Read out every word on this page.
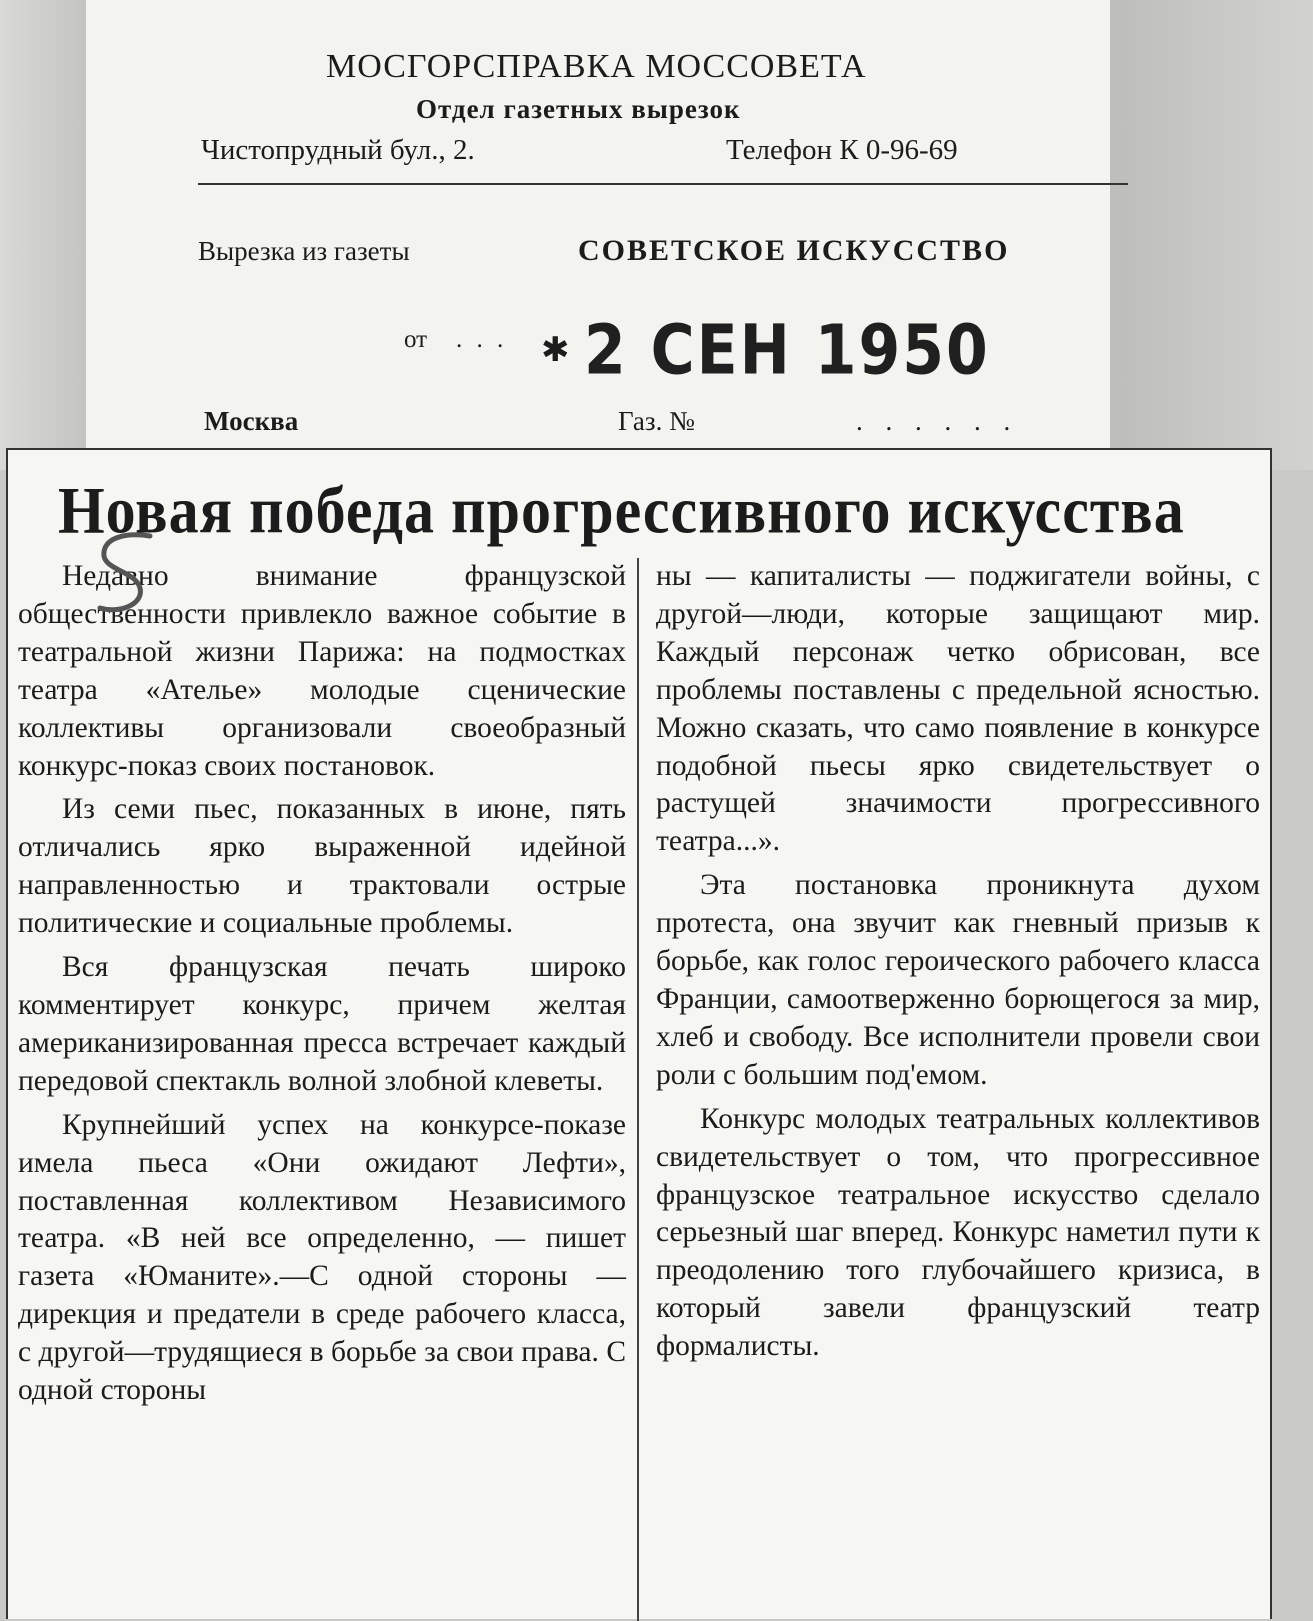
МОСГОРСПРАВКА МОССОВЕТА
Отдел газетных вырезок
Чистопрудный бул., 2.	Телефон К 0-96-69
Вырезка из газеты	СОВЕТСКОЕ ИСКУССТВО
от . . . ✱ 2 СЕН 1950
Москва	Газ. №	. . . . . .
Новая победа прогрессивного искусства

Недавно внимание французской общественности привлекло важное событие в театральной жизни Парижа: на подмостках театра «Ателье» молодые сценические коллективы организовали своеобразный конкурс-показ своих постановок.

Из семи пьес, показанных в июне, пять отличались ярко выраженной идейной направленностью и трактовали острые политические и социальные проблемы.

Вся французская печать широко комментирует конкурс, причем желтая американизированная пресса встречает каждый передовой спектакль волной злобной клеветы.

Крупнейший успех на конкурсе-показе имела пьеса «Они ожидают Лефти», поставленная коллективом Независимого театра. «В ней все определенно, — пишет газета «Юманите».—С одной стороны — дирекция и предатели в среде рабочего класса, с другой—трудящиеся в борьбе за свои права. С одной стороны

ны — капиталисты — поджигатели войны, с другой—люди, которые защищают мир. Каждый персонаж четко обрисован, все проблемы поставлены с предельной ясностью. Можно сказать, что само появление в конкурсе подобной пьесы ярко свидетельствует о растущей значимости прогрессивного театра...».

Эта постановка проникнута духом протеста, она звучит как гневный призыв к борьбе, как голос героического рабочего класса Франции, самоотверженно борющегося за мир, хлеб и свободу. Все исполнители провели свои роли с большим под'емом.

Конкурс молодых театральных коллективов свидетельствует о том, что прогрессивное французское театральное искусство сделало серьезный шаг вперед. Конкурс наметил пути к преодолению того глубочайшего кризиса, в который завели французский театр формалисты.
